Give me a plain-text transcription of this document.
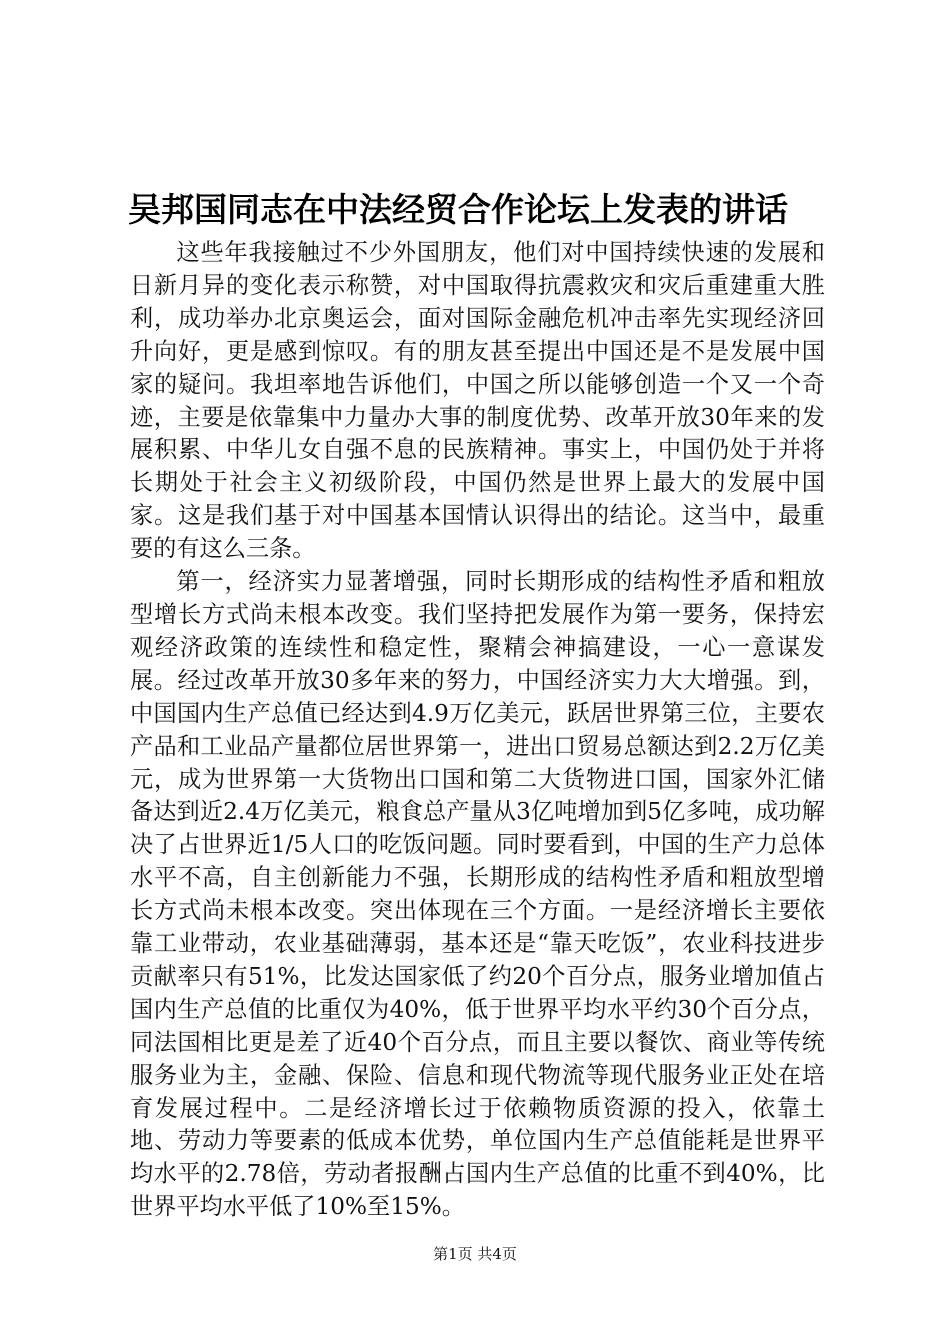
吴邦国同志在中法经贸合作论坛上发表的讲话

这些年我接触过不少外国朋友，他们对中国持续快速的发展和日新月异的变化表示称赞，对中国取得抗震救灾和灾后重建重大胜利，成功举办北京奥运会，面对国际金融危机冲击率先实现经济回升向好，更是感到惊叹。有的朋友甚至提出中国还是不是发展中国家的疑问。我坦率地告诉他们，中国之所以能够创造一个又一个奇迹，主要是依靠集中力量办大事的制度优势、改革开放30年来的发展积累、中华儿女自强不息的民族精神。事实上，中国仍处于并将长期处于社会主义初级阶段，中国仍然是世界上最大的发展中国家。这是我们基于对中国基本国情认识得出的结论。这当中，最重要的有这么三条。

第一，经济实力显著增强，同时长期形成的结构性矛盾和粗放型增长方式尚未根本改变。我们坚持把发展作为第一要务，保持宏观经济政策的连续性和稳定性，聚精会神搞建设，一心一意谋发展。经过改革开放30多年来的努力，中国经济实力大大增强。到，中国国内生产总值已经达到4.9万亿美元，跃居世界第三位，主要农产品和工业品产量都位居世界第一，进出口贸易总额达到2.2万亿美元，成为世界第一大货物出口国和第二大货物进口国，国家外汇储备达到近2.4万亿美元，粮食总产量从3亿吨增加到5亿多吨，成功解决了占世界近1/5人口的吃饭问题。同时要看到，中国的生产力总体水平不高，自主创新能力不强，长期形成的结构性矛盾和粗放型增长方式尚未根本改变。突出体现在三个方面。一是经济增长主要依靠工业带动，农业基础薄弱，基本还是“靠天吃饭”，农业科技进步贡献率只有51%，比发达国家低了约20个百分点，服务业增加值占国内生产总值的比重仅为40%，低于世界平均水平约30个百分点，同法国相比更是差了近40个百分点，而且主要以餐饮、商业等传统服务业为主，金融、保险、信息和现代物流等现代服务业正处在培育发展过程中。二是经济增长过于依赖物质资源的投入，依靠土地、劳动力等要素的低成本优势，单位国内生产总值能耗是世界平均水平的2.78倍，劳动者报酬占国内生产总值的比重不到40%，比世界平均水平低了10%至15%。

第1页 共4页
